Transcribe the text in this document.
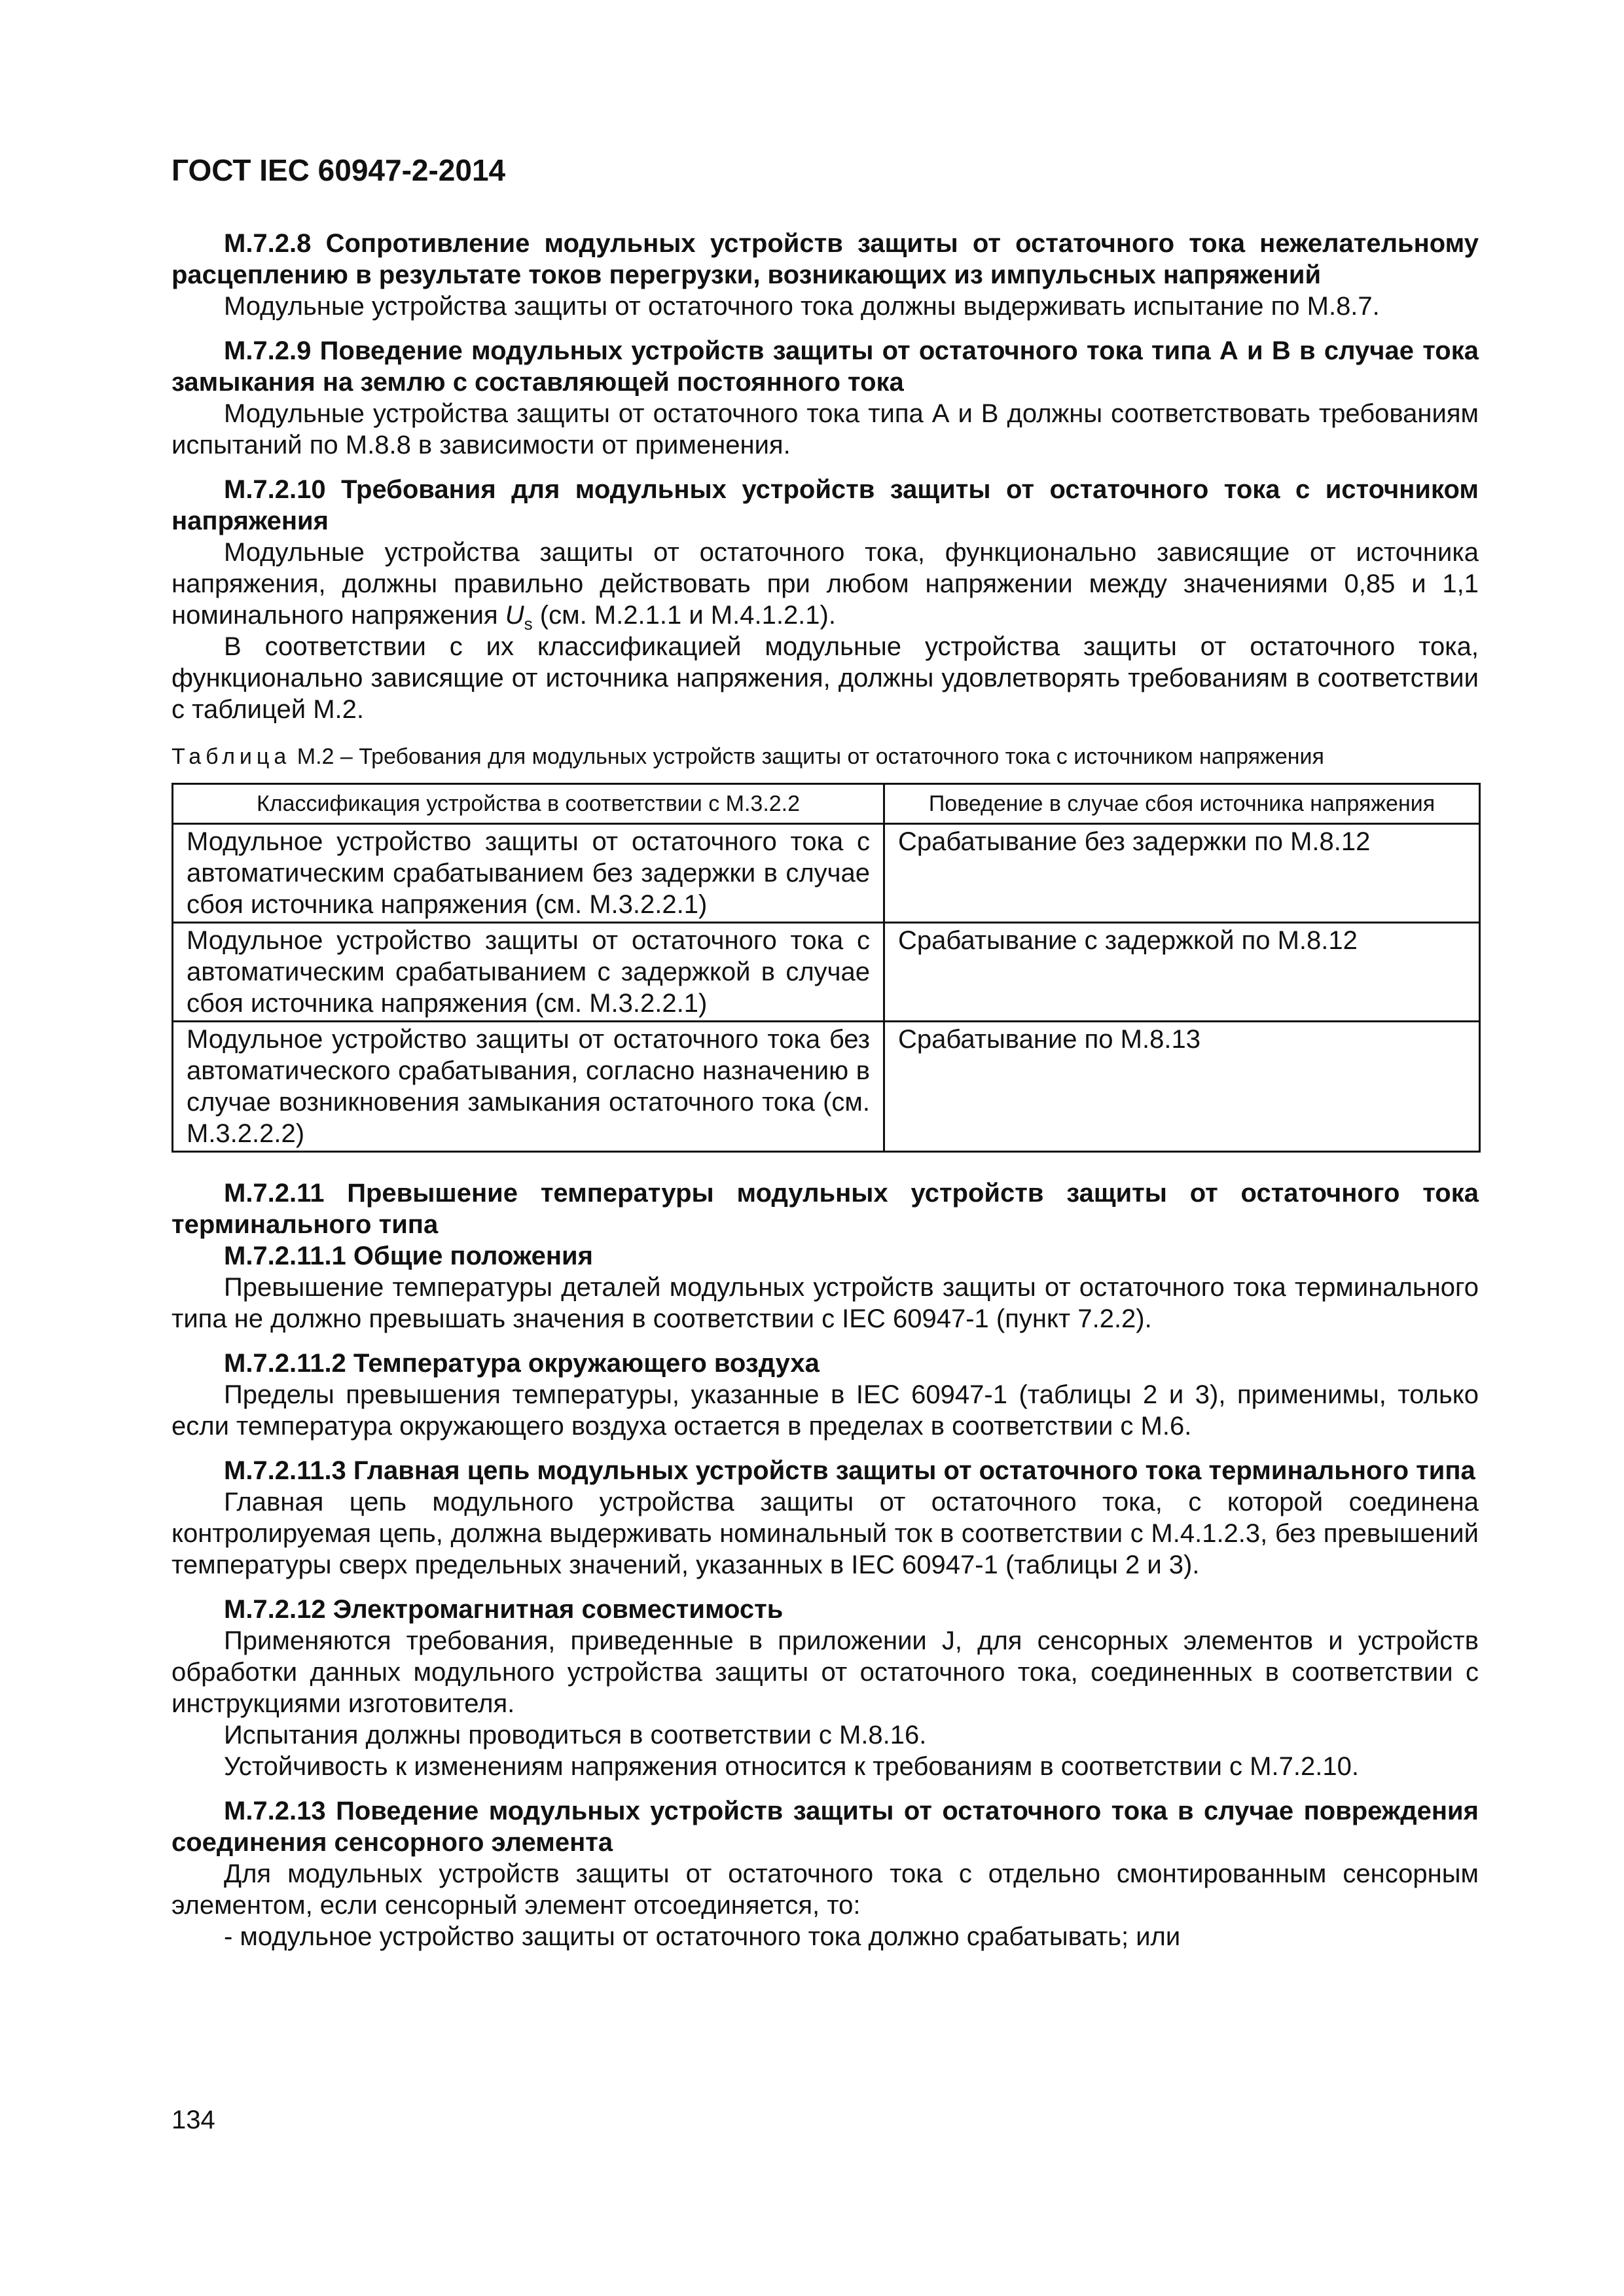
ГОСТ IEC 60947-2-2014

М.7.2.8 Сопротивление модульных устройств защиты от остаточного тока нежелательному расцеплению в результате токов перегрузки, возникающих из импульсных напряжений

Модульные устройства защиты от остаточного тока должны выдерживать испытание по М.8.7.

М.7.2.9 Поведение модульных устройств защиты от остаточного тока типа А и В в случае тока замыкания на землю с составляющей постоянного тока

Модульные устройства защиты от остаточного тока типа А и В должны соответствовать требованиям испытаний по М.8.8 в зависимости от применения.

М.7.2.10 Требования для модульных устройств защиты от остаточного тока с источником напряжения

Модульные устройства защиты от остаточного тока, функционально зависящие от источника напряжения, должны правильно действовать при любом напряжении между значениями 0,85 и 1,1 номинального напряжения $U_s$ (см. М.2.1.1 и М.4.1.2.1).

В соответствии с их классификацией модульные устройства защиты от остаточного тока, функционально зависящие от источника напряжения, должны удовлетворять требованиям в соответствии с таблицей М.2.

Таблица М.2 – Требования для модульных устройств защиты от остаточного тока с источником напряжения

Классификация устройства в соответствии с М.3.2.2	Поведение в случае сбоя источника напряжения
Модульное устройство защиты от остаточного тока с автоматическим срабатыванием без задержки в случае сбоя источника напряжения (см. М.3.2.2.1)	Срабатывание без задержки по М.8.12
Модульное устройство защиты от остаточного тока с автоматическим срабатыванием с задержкой в случае сбоя источника напряжения (см. М.3.2.2.1)	Срабатывание с задержкой по М.8.12
Модульное устройство защиты от остаточного тока без автоматического срабатывания, согласно назначению в случае возникновения замыкания остаточного тока (см. М.3.2.2.2)	Срабатывание по М.8.13

М.7.2.11 Превышение температуры модульных устройств защиты от остаточного тока терминального типа

М.7.2.11.1 Общие положения

Превышение температуры деталей модульных устройств защиты от остаточного тока терминального типа не должно превышать значения в соответствии с IEC 60947-1 (пункт 7.2.2).

М.7.2.11.2 Температура окружающего воздуха

Пределы превышения температуры, указанные в IEC 60947-1 (таблицы 2 и 3), применимы, только если температура окружающего воздуха остается в пределах в соответствии с М.6.

М.7.2.11.3 Главная цепь модульных устройств защиты от остаточного тока терминального типа

Главная цепь модульного устройства защиты от остаточного тока, с которой соединена контролируемая цепь, должна выдерживать номинальный ток в соответствии с М.4.1.2.3, без превышений температуры сверх предельных значений, указанных в IEC 60947-1 (таблицы 2 и 3).

М.7.2.12 Электромагнитная совместимость

Применяются требования, приведенные в приложении J, для сенсорных элементов и устройств обработки данных модульного устройства защиты от остаточного тока, соединенных в соответствии с инструкциями изготовителя.

Испытания должны проводиться в соответствии с М.8.16.

Устойчивость к изменениям напряжения относится к требованиям в соответствии с М.7.2.10.

М.7.2.13 Поведение модульных устройств защиты от остаточного тока в случае повреждения соединения сенсорного элемента

Для модульных устройств защиты от остаточного тока с отдельно смонтированным сенсорным элементом, если сенсорный элемент отсоединяется, то:

- модульное устройство защиты от остаточного тока должно срабатывать; или

134
